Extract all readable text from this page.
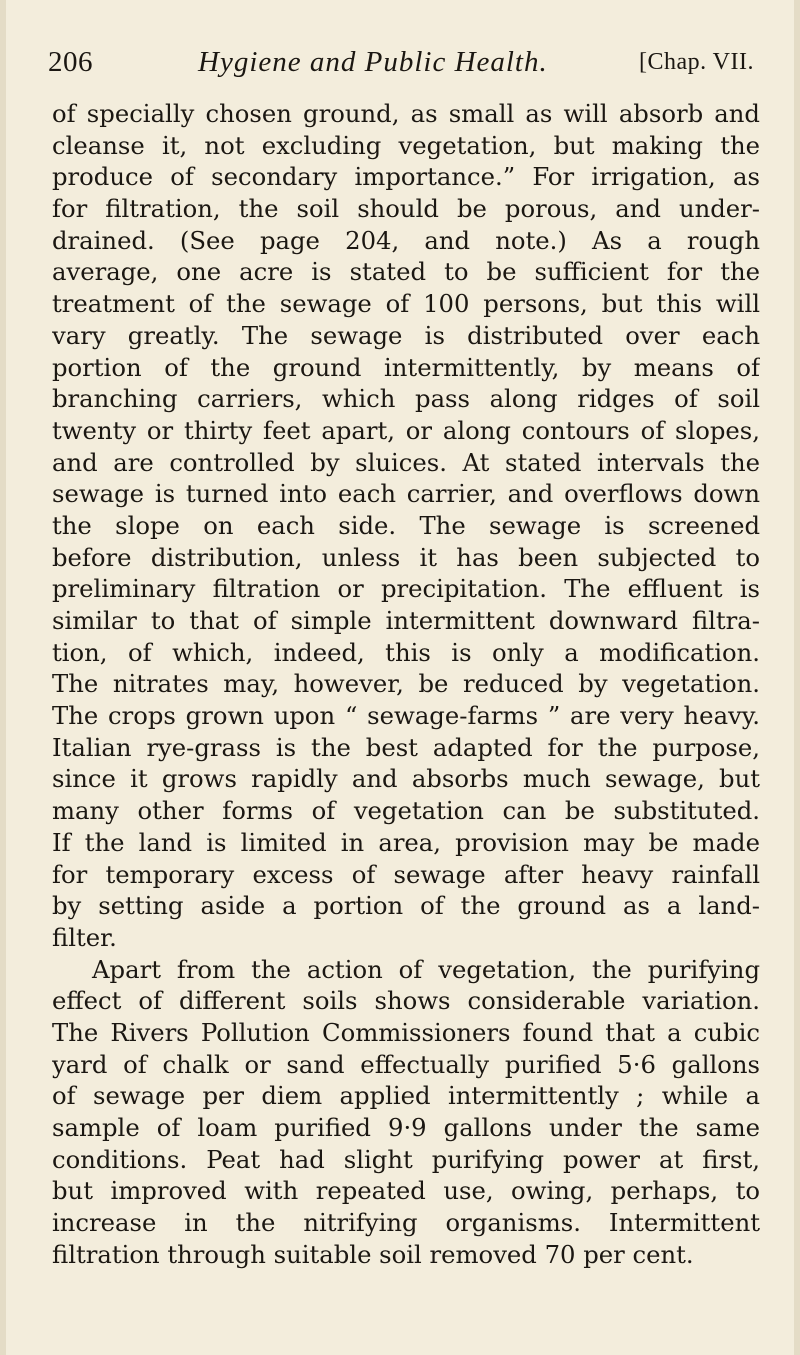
206	Hygiene and Public Health.	[Chap. VII.
of specially chosen ground, as small as will absorb and
cleanse it, not excluding vegetation, but making the
produce of secondary importance.” For irrigation, as
for filtration, the soil should be porous, and under-
drained. (See page 204, and note.) As a rough
average, one acre is stated to be sufficient for the
treatment of the sewage of 100 persons, but this will
vary greatly. The sewage is distributed over each
portion of the ground intermittently, by means of
branching carriers, which pass along ridges of soil
twenty or thirty feet apart, or along contours of slopes,
and are controlled by sluices. At stated intervals the
sewage is turned into each carrier, and overflows down
the slope on each side. The sewage is screened
before distribution, unless it has been subjected to
preliminary filtration or precipitation. The effluent is
similar to that of simple intermittent downward filtra-
tion, of which, indeed, this is only a modification.
The nitrates may, however, be reduced by vegetation.
The crops grown upon “ sewage-farms ” are very heavy.
Italian rye-grass is the best adapted for the purpose,
since it grows rapidly and absorbs much sewage, but
many other forms of vegetation can be substituted.
If the land is limited in area, provision may be made
for temporary excess of sewage after heavy rainfall
by setting aside a portion of the ground as a land-
filter.
Apart from the action of vegetation, the purifying
effect of different soils shows considerable variation.
The Rivers Pollution Commissioners found that a cubic
yard of chalk or sand effectually purified 5·6 gallons
of sewage per diem applied intermittently ; while a
sample of loam purified 9·9 gallons under the same
conditions. Peat had slight purifying power at first,
but improved with repeated use, owing, perhaps, to
increase in the nitrifying organisms. Intermittent
filtration through suitable soil removed 70 per cent.
